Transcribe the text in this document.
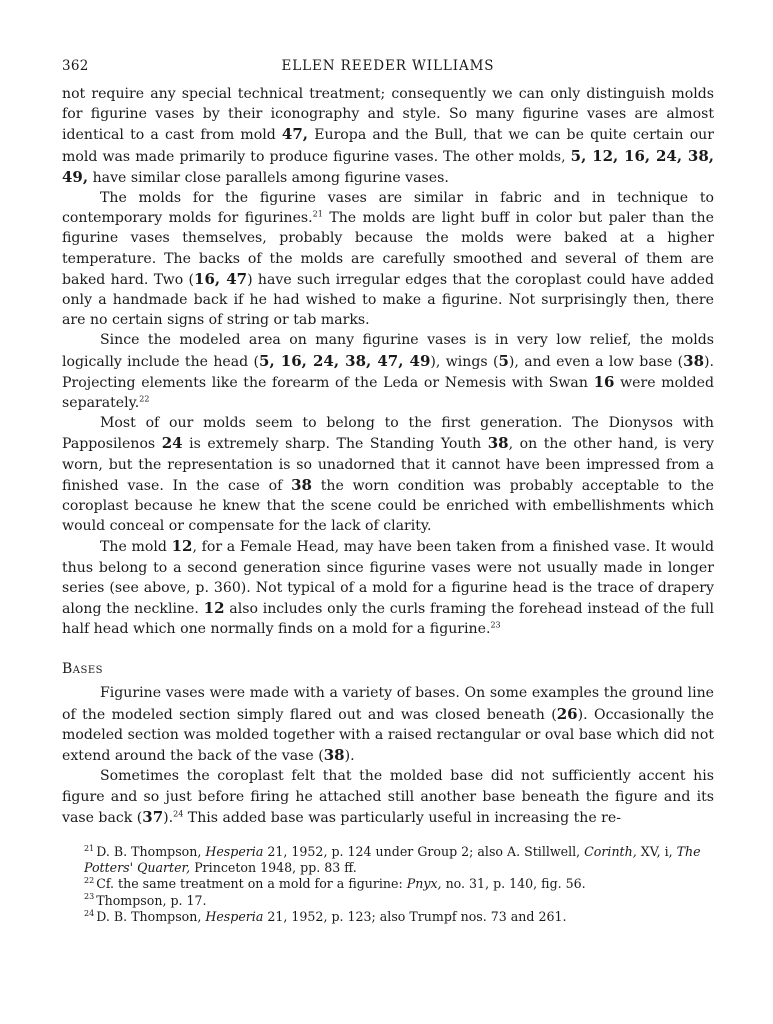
362	ELLEN REEDER WILLIAMS

not require any special technical treatment; consequently we can only distinguish molds for figurine vases by their iconography and style. So many figurine vases are almost identical to a cast from mold 47, Europa and the Bull, that we can be quite certain our mold was made primarily to produce figurine vases. The other molds, 5, 12, 16, 24, 38, 49, have similar close parallels among figurine vases.

The molds for the figurine vases are similar in fabric and in technique to contemporary molds for figurines.$^{21}$ The molds are light buff in color but paler than the figurine vases themselves, probably because the molds were baked at a higher temperature. The backs of the molds are carefully smoothed and several of them are baked hard. Two (16, 47) have such irregular edges that the coroplast could have added only a handmade back if he had wished to make a figurine. Not surprisingly then, there are no certain signs of string or tab marks.

Since the modeled area on many figurine vases is in very low relief, the molds logically include the head (5, 16, 24, 38, 47, 49), wings (5), and even a low base (38). Projecting elements like the forearm of the Leda or Nemesis with Swan 16 were molded separately.$^{22}$

Most of our molds seem to belong to the first generation. The Dionysos with Papposilenos 24 is extremely sharp. The Standing Youth 38, on the other hand, is very worn, but the representation is so unadorned that it cannot have been impressed from a finished vase. In the case of 38 the worn condition was probably acceptable to the coroplast because he knew that the scene could be enriched with embellishments which would conceal or compensate for the lack of clarity.

The mold 12, for a Female Head, may have been taken from a finished vase. It would thus belong to a second generation since figurine vases were not usually made in longer series (see above, p. 360). Not typical of a mold for a figurine head is the trace of drapery along the neckline. 12 also includes only the curls framing the forehead instead of the full half head which one normally finds on a mold for a figurine.$^{23}$

Bases

Figurine vases were made with a variety of bases. On some examples the ground line of the modeled section simply flared out and was closed beneath (26). Occasionally the modeled section was molded together with a raised rectangular or oval base which did not extend around the back of the vase (38).

Sometimes the coroplast felt that the molded base did not sufficiently accent his figure and so just before firing he attached still another base beneath the figure and its vase back (37).$^{24}$ This added base was particularly useful in increasing the re-

$^{21}$ D. B. Thompson, Hesperia 21, 1952, p. 124 under Group 2; also A. Stillwell, Corinth, XV, i, The Potters' Quarter, Princeton 1948, pp. 83 ff.
$^{22}$ Cf. the same treatment on a mold for a figurine: Pnyx, no. 31, p. 140, fig. 56.
$^{23}$ Thompson, p. 17.
$^{24}$ D. B. Thompson, Hesperia 21, 1952, p. 123; also Trumpf nos. 73 and 261.
